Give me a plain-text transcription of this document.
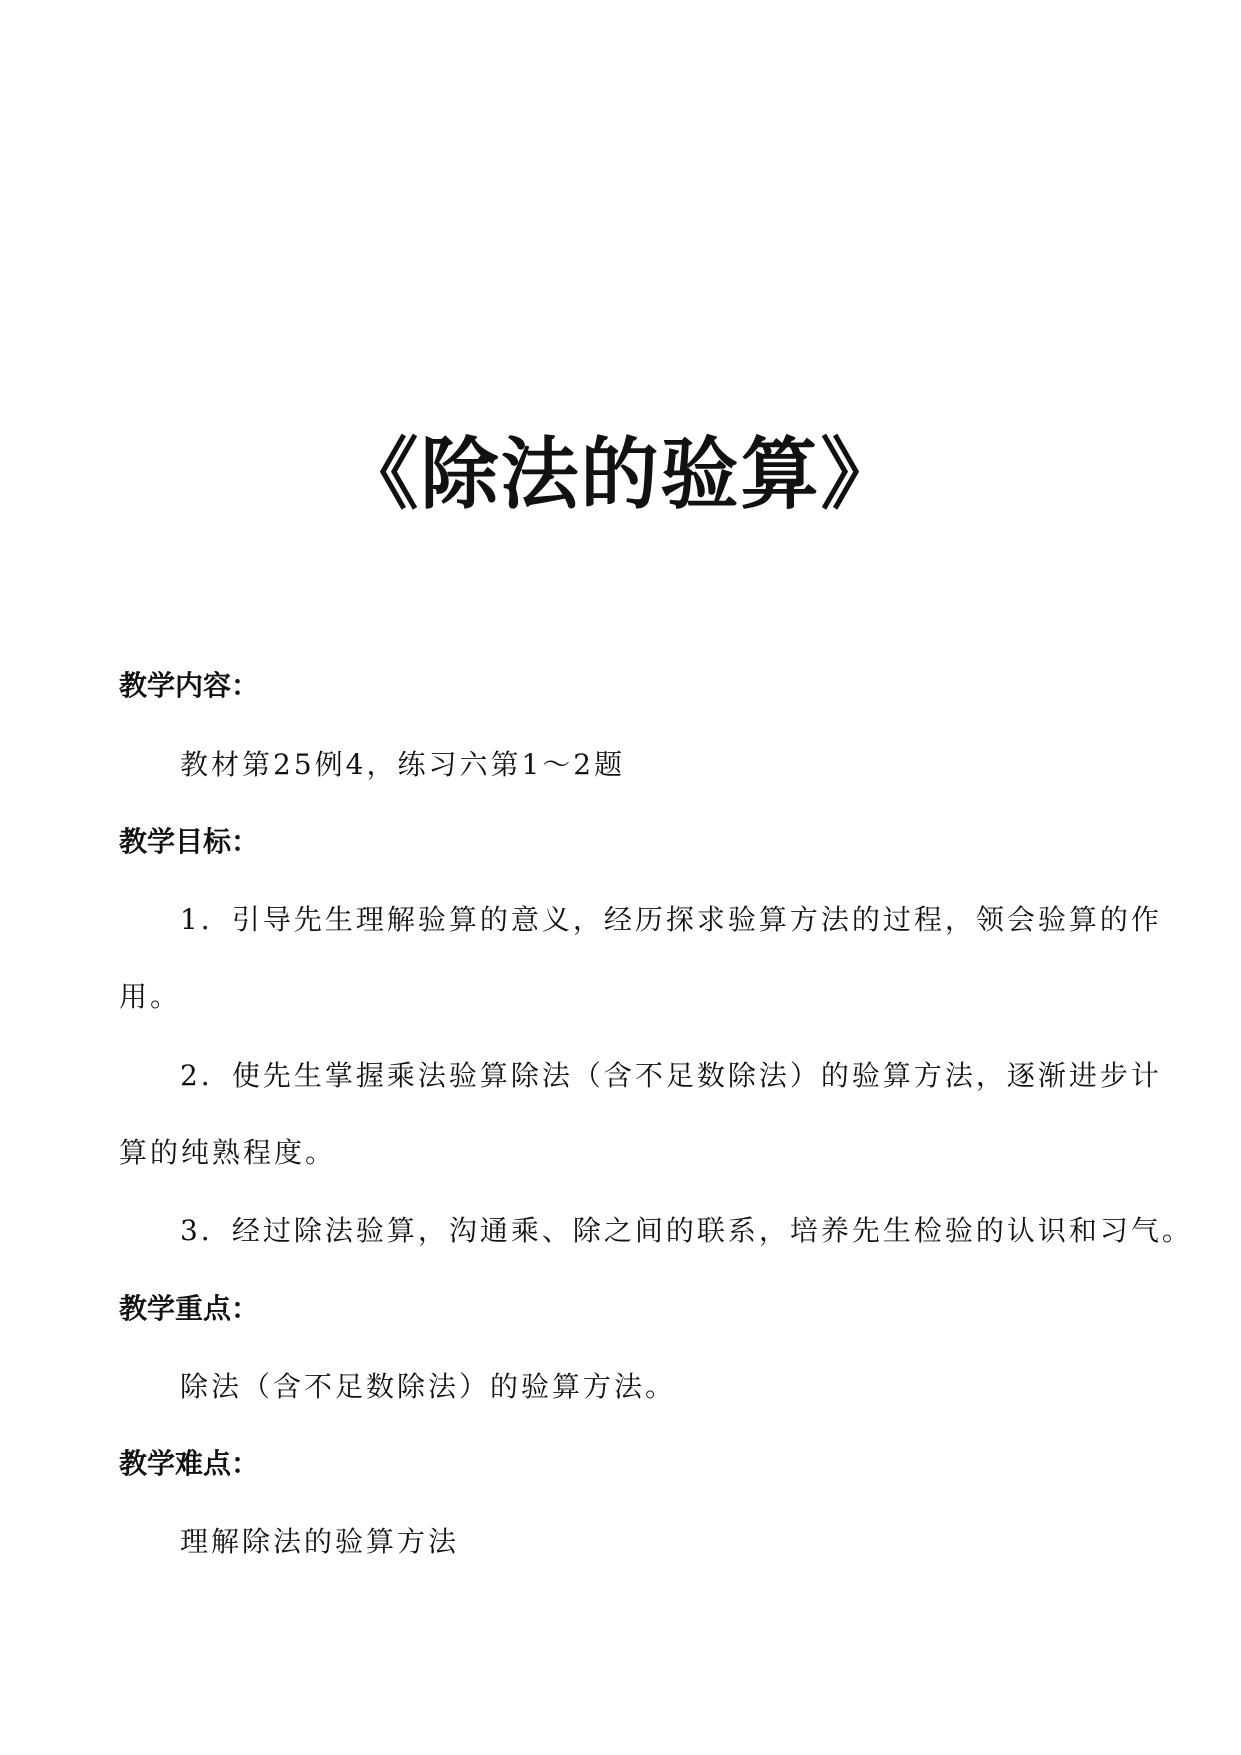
《除法的验算》
教学内容：

教材第25例4，练习六第1～2题

教学目标：

1．引导先生理解验算的意义，经历探求验算方法的过程，领会验算的作

用。

2．使先生掌握乘法验算除法（含不足数除法）的验算方法，逐渐进步计

算的纯熟程度。

3．经过除法验算，沟通乘、除之间的联系，培养先生检验的认识和习气。

教学重点：

除法（含不足数除法）的验算方法。

教学难点：

理解除法的验算方法
